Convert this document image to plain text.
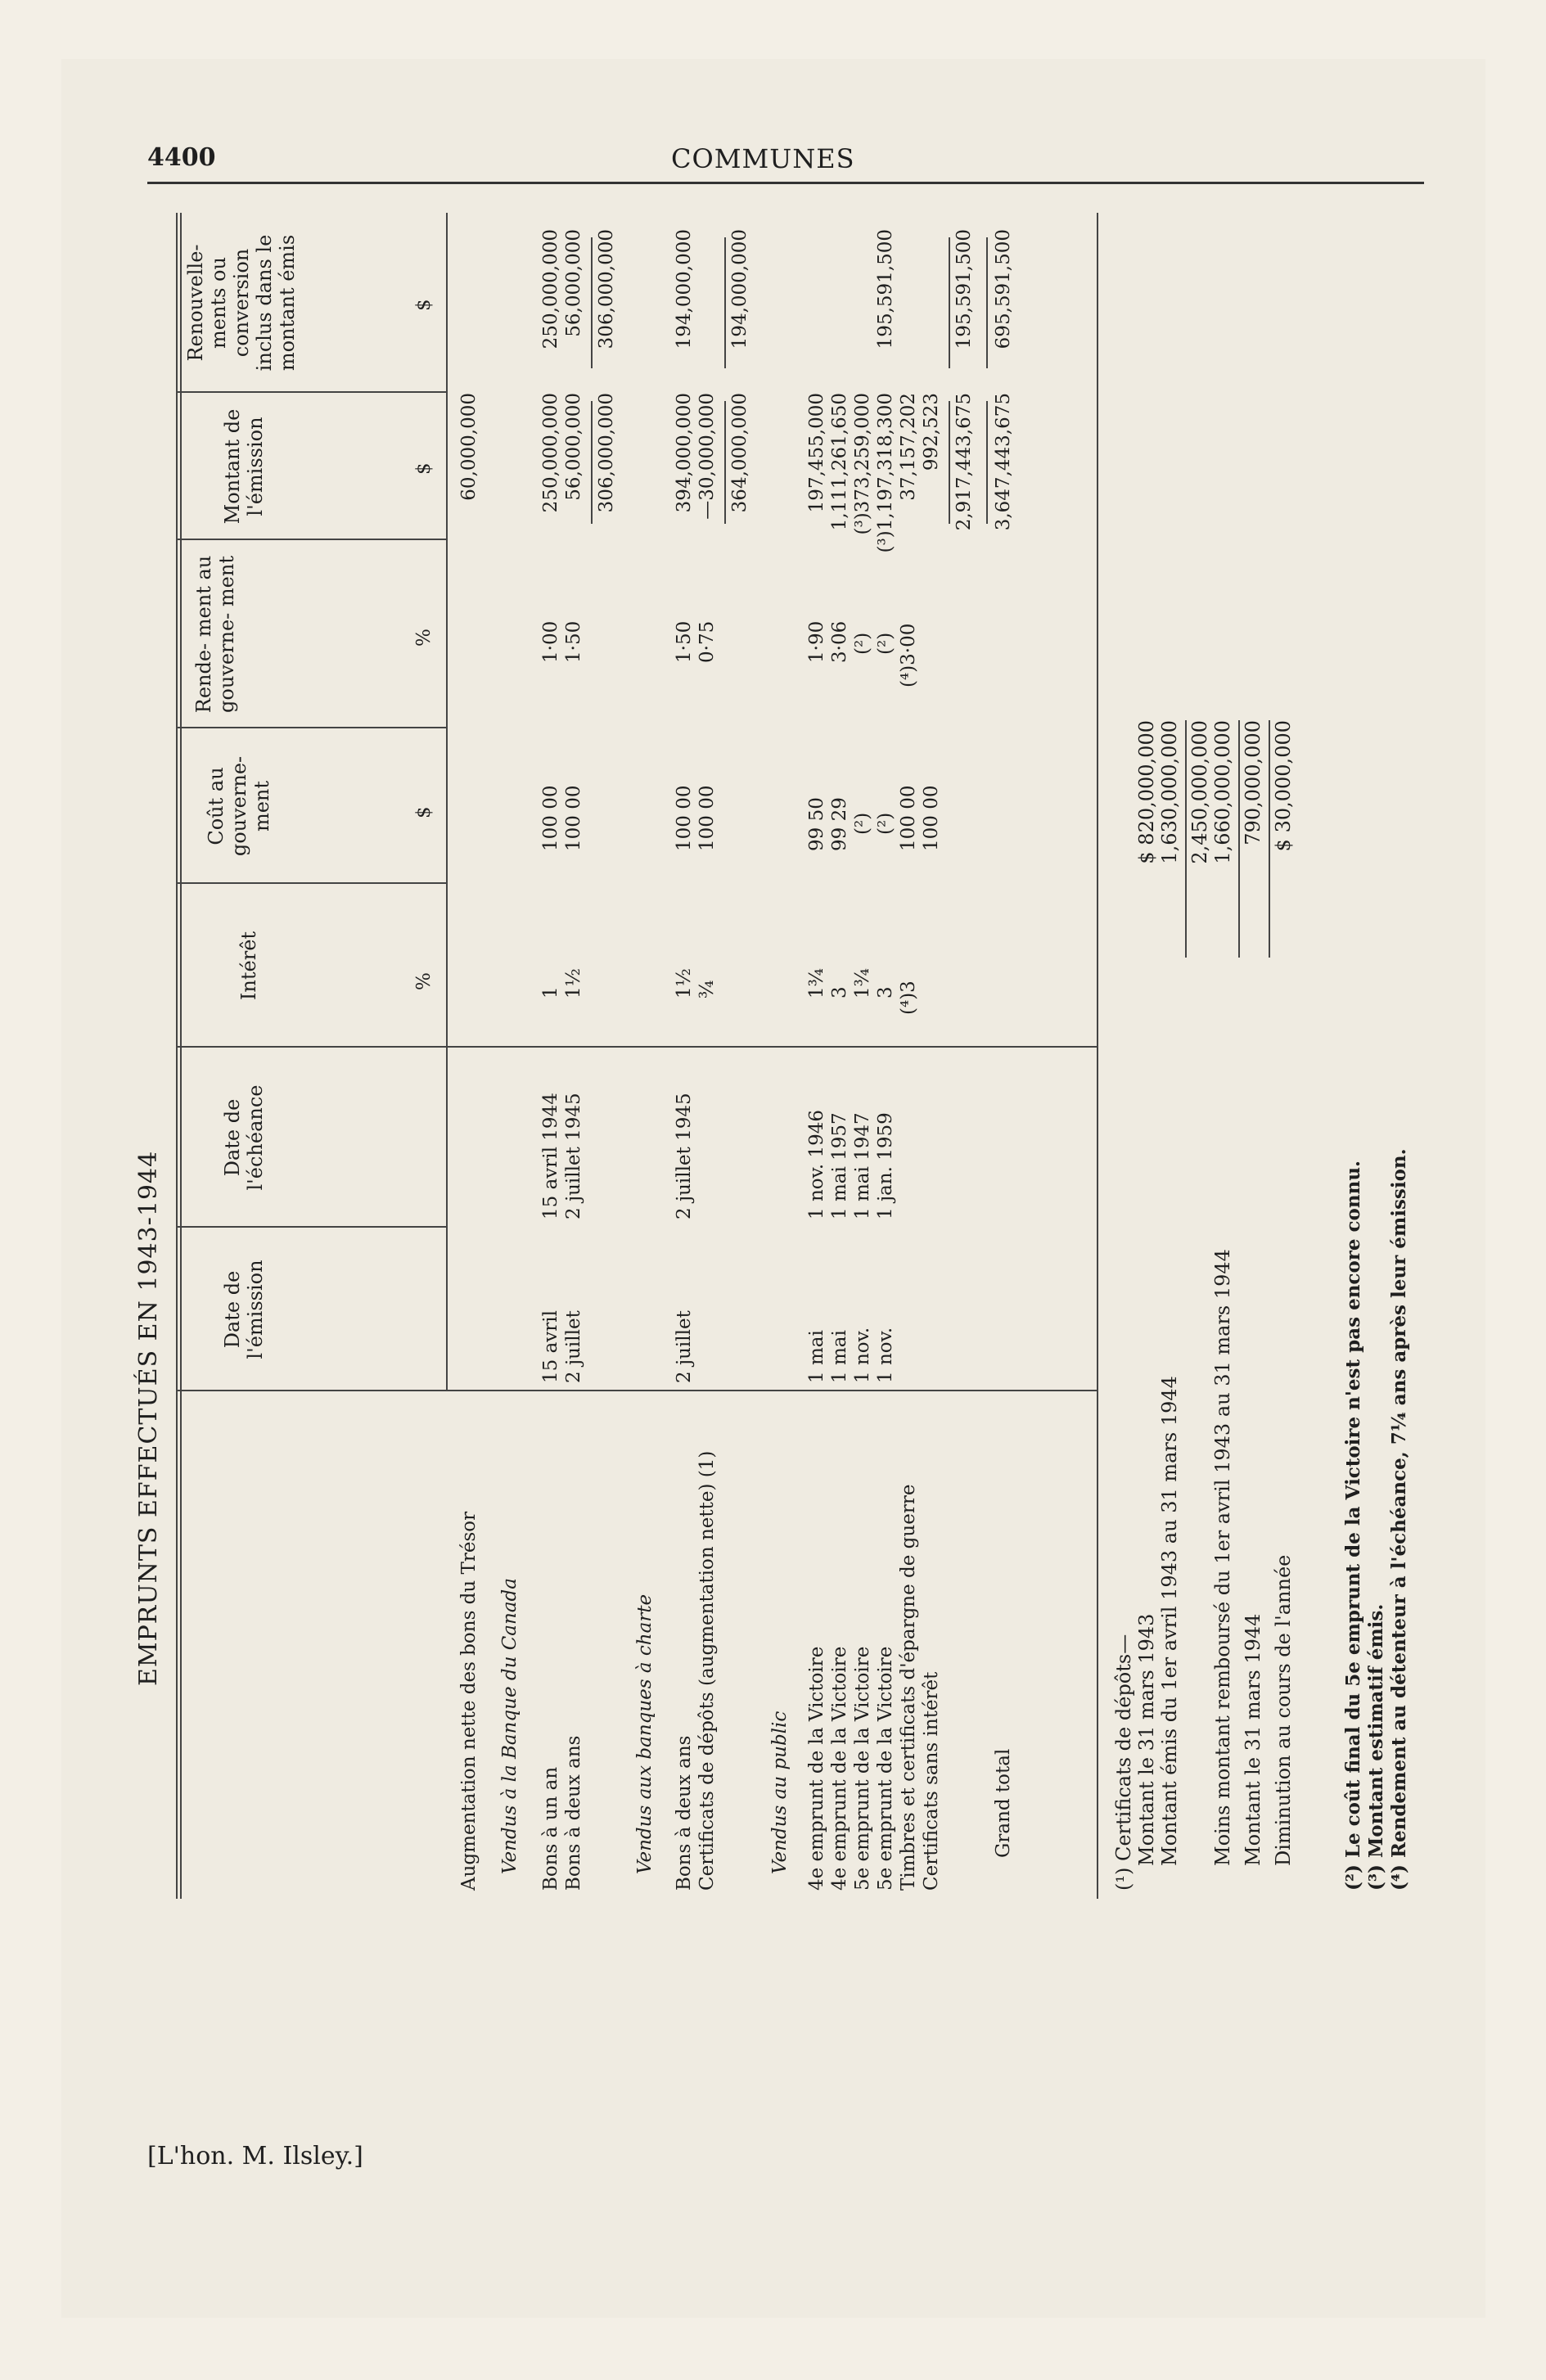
4400	COMMUNES
[L'hon. M. Ilsley.]
EMPRUNTS EFFECTUÉS EN 1943-1944	Date de l'émission
Date de l'échéance
Intérêt
Coût au gouverne- ment
Rende- ment au gouverne- ment
Montant de l'émission
Renouvelle- ments ou conversion inclus dans le montant émis
%
$
%
$
$
Augmentation nette des bons du Trésor
60,000,000
Vendus à la Banque du Canada Bons à un an
15 avril
15 avril 1944
1
100 00
1·00
250,000,000
250,000,000
Bons à deux ans
2 juillet
2 juillet 1945
1½
100 00
1·50
56,000,000
56,000,000
306,000,000
306,000,000
Vendus aux banques à charte Bons à deux ans
2 juillet
2 juillet 1945
1½
100 00
1·50
394,000,000
194,000,000
Certificats de dépôts (augmentation nette) (1)
¾
100 00
0·75
—30,000,000 364,000,000
194,000,000
Vendus au public 4e emprunt de la Victoire
1 mai
1 nov. 1946
1¾
99 50
1·90
197,455,000
4e emprunt de la Victoire
1 mai
1 mai 1957
3
99 29
3·06
1,111,261,650
5e emprunt de la Victoire
1 nov.
1 mai 1947
1¾
(²)
(²)
(³)373,259,000
5e emprunt de la Victoire
1 nov.
1 jan. 1959
3
(²)
(²)
(³)1,197,318,300
195,591,500
Timbres et certificats d'épargne de guerre
(⁴)3
100 00
(⁴)3·00
37,157,202
Certificats sans intérêt
100 00
992,523 2,917,443,675
195,591,500
Grand total
3,647,443,675
695,591,500
(¹) Certificats de dépôts— Montant le 31 mars 1943
$ 820,000,000
Montant émis du 1er avril 1943 au 31 mars 1944
1,630,000,000 2,450,000,000
Moins montant remboursé du 1er avril 1943 au 31 mars 1944
1,660,000,000
Montant le 31 mars 1944
790,000,000
Diminution au cours de l'année
$ 30,000,000
(²) Le coût final du 5e emprunt de la Victoire n'est pas encore connu. (³) Montant estimatif émis. (⁴) Rendement au détenteur à l'échéance, 7¼ ans après leur émission.
